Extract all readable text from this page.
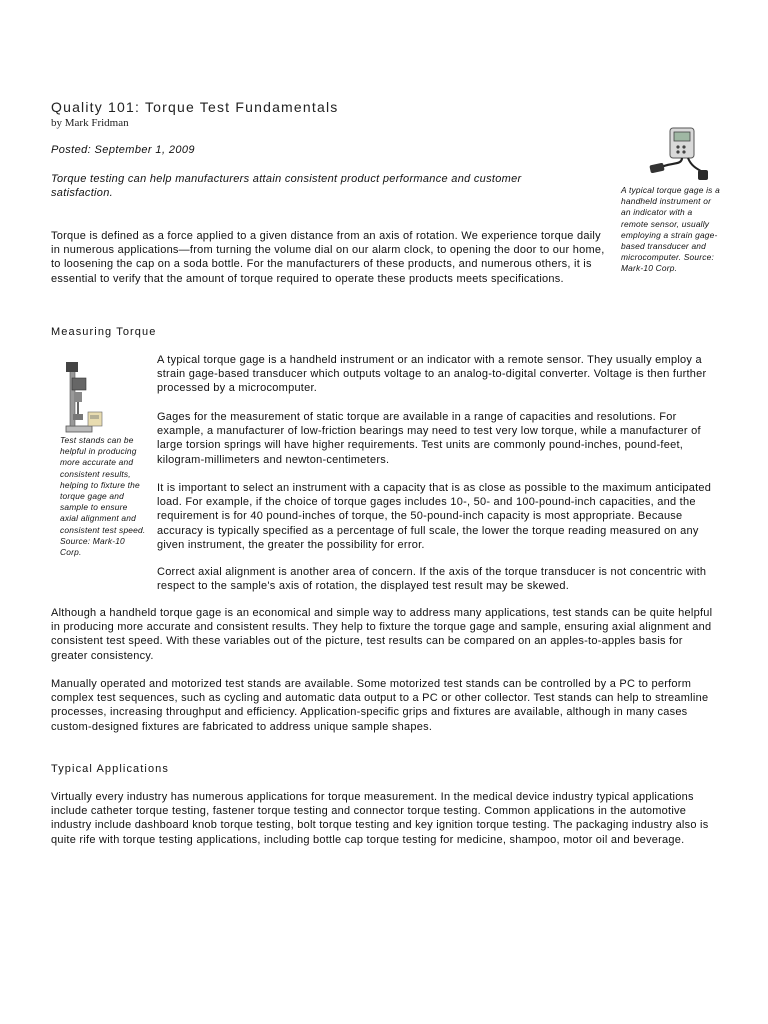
Quality 101: Torque Test Fundamentals
by Mark Fridman
Posted: September 1, 2009
Torque testing can help manufacturers attain consistent product performance and customer satisfaction.
Torque is defined as a force applied to a given distance from an axis of rotation. We experience torque daily in numerous applications—from turning the volume dial on our alarm clock, to opening the door to our home, to loosening the cap on a soda bottle. For the manufacturers of these products, and numerous others, it is essential to verify that the amount of torque required to operate these products meets specifications.
A typical torque gage is a handheld instrument or an indicator with a remote sensor, usually employing a strain gage-based transducer and microcomputer. Source: Mark-10 Corp.
Measuring Torque
Test stands can be helpful in producing more accurate and consistent results, helping to fixture the torque gage and sample to ensure axial alignment and consistent test speed. Source: Mark-10 Corp.
A typical torque gage is a handheld instrument or an indicator with a remote sensor. They usually employ a strain gage-based transducer which outputs voltage to an analog-to-digital converter. Voltage is then further processed by a microcomputer.
Gages for the measurement of static torque are available in a range of capacities and resolutions. For example, a manufacturer of low-friction bearings may need to test very low torque, while a manufacturer of large torsion springs will have higher requirements. Test units are commonly pound-inches, pound-feet, kilogram-millimeters and newton-centimeters.
It is important to select an instrument with a capacity that is as close as possible to the maximum anticipated load. For example, if the choice of torque gages includes 10-, 50- and 100-pound-inch capacities, and the requirement is for 40 pound-inches of torque, the 50-pound-inch capacity is most appropriate. Because accuracy is typically specified as a percentage of full scale, the lower the torque reading measured on any given instrument, the greater the possibility for error.
Correct axial alignment is another area of concern. If the axis of the torque transducer is not concentric with respect to the sample's axis of rotation, the displayed test result may be skewed.
Although a handheld torque gage is an economical and simple way to address many applications, test stands can be quite helpful in producing more accurate and consistent results. They help to fixture the torque gage and sample, ensuring axial alignment and consistent test speed. With these variables out of the picture, test results can be compared on an apples-to-apples basis for greater consistency.
Manually operated and motorized test stands are available. Some motorized test stands can be controlled by a PC to perform complex test sequences, such as cycling and automatic data output to a PC or other collector. Test stands can help to streamline processes, increasing throughput and efficiency. Application-specific grips and fixtures are available, although in many cases custom-designed fixtures are fabricated to address unique sample shapes.
Typical Applications
Virtually every industry has numerous applications for torque measurement. In the medical device industry typical applications include catheter torque testing, fastener torque testing and connector torque testing. Common applications in the automotive industry include dashboard knob torque testing, bolt torque testing and key ignition torque testing. The packaging industry also is quite rife with torque testing applications, including bottle cap torque testing for medicine, shampoo, motor oil and beverage.
